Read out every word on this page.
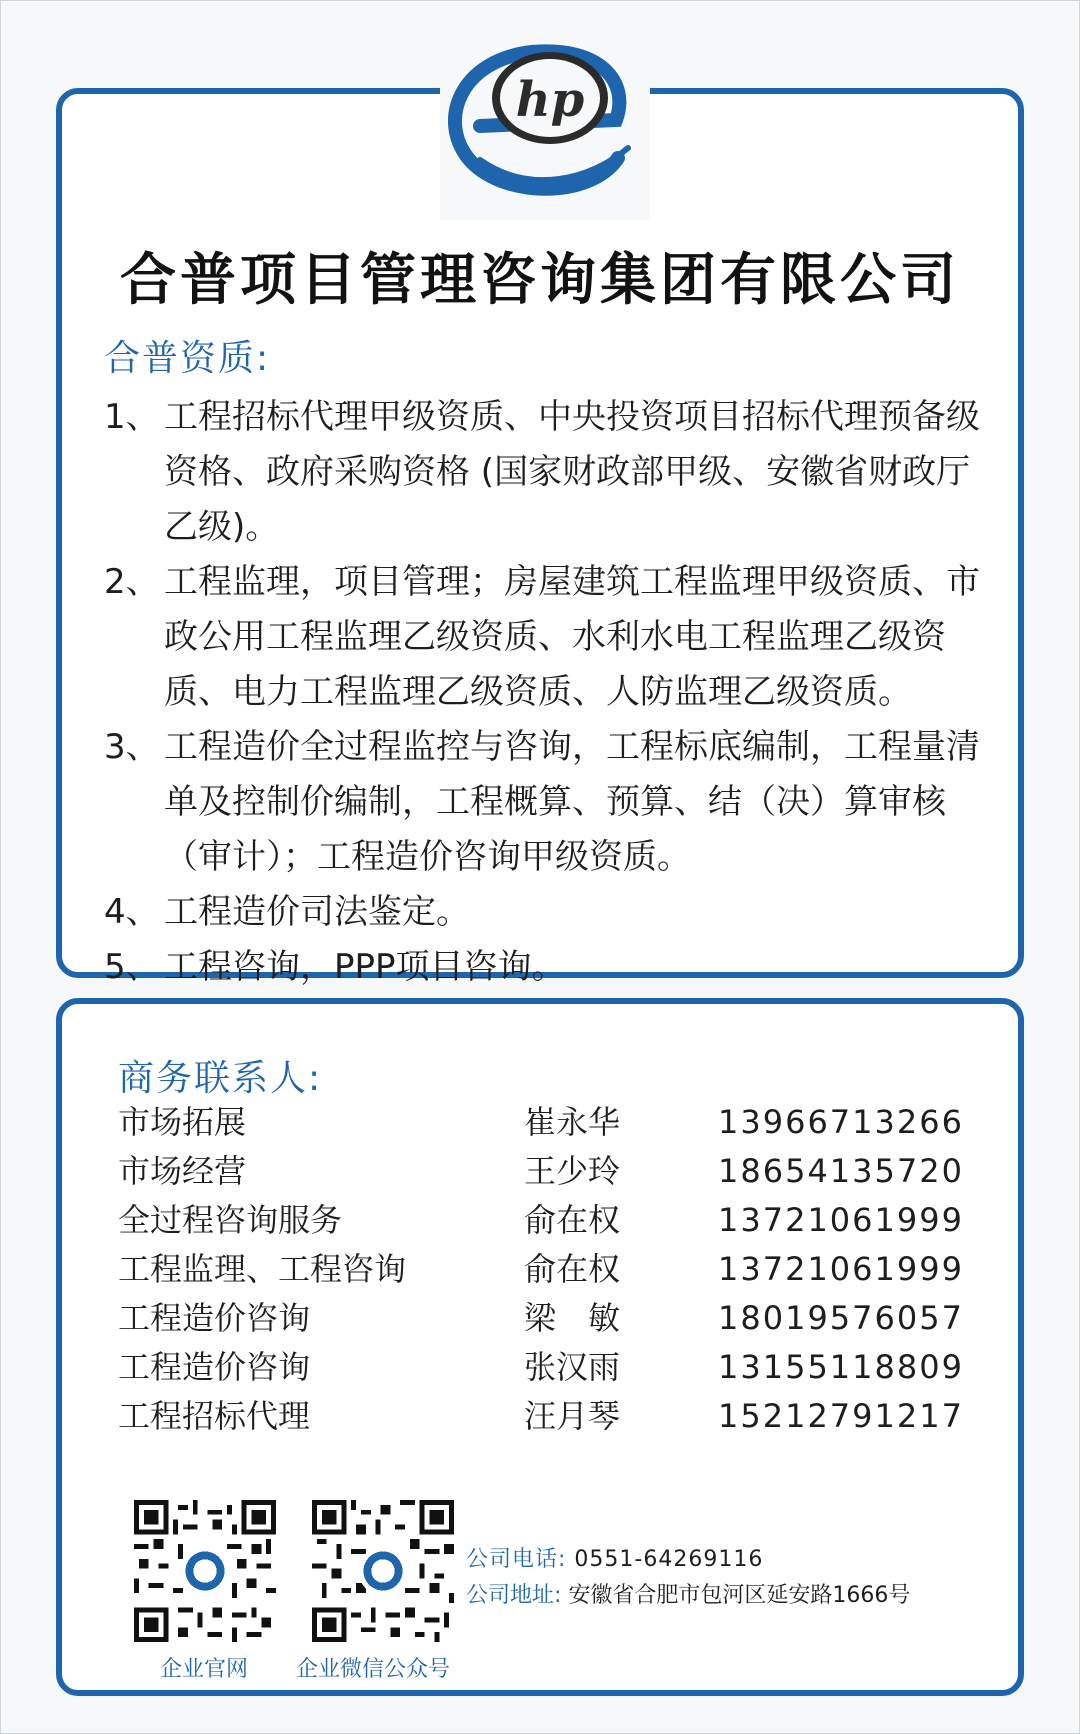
hp
合普项目管理咨询集团有限公司
合普资质:
1、 工程招标代理甲级资质、中央投资项目招标代理预备级资格、政府采购资格 (国家财政部甲级、安徽省财政厅乙级)。
2、 工程监理，项目管理；房屋建筑工程监理甲级资质、市政公用工程监理乙级资质、水利水电工程监理乙级资质、电力工程监理乙级资质、人防监理乙级资质。
3、 工程造价全过程监控与咨询，工程标底编制，工程量清单及控制价编制，工程概算、预算、结（决）算审核（审计）；工程造价咨询甲级资质。
4、 工程造价司法鉴定。
5、 工程咨询，PPP项目咨询。
商务联系人:
市场拓展	崔永华	13966713266
市场经营	王少玲	18654135720
全过程咨询服务	俞在权	13721061999
工程监理、工程咨询	俞在权	13721061999
工程造价咨询	梁　敏	18019576057
工程造价咨询	张汉雨	13155118809
工程招标代理	汪月琴	15212791217
企业官网 企业微信公众号
公司电话: 0551-64269116
公司地址: 安徽省合肥市包河区延安路1666号
